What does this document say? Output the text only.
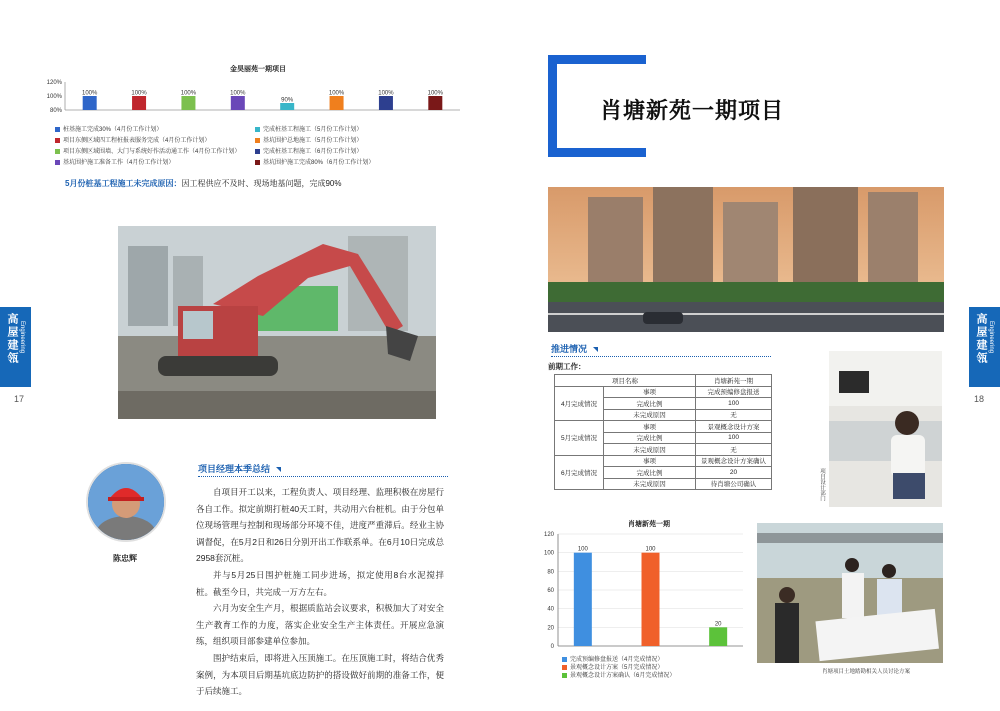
金昊丽苑一期项目
120%
100%
80%
100%	100%	100%	100%
90%
100%	100%	100%
桩基施工完成30%（4月份工作计划）
项目东侧区域四工程桩报表服务完成（4月份工作计划）
项目东侧区域围墙、大门与系统好作活动通工作（4月份工作计划）
基坑围护施工准备工作（4月份工作计划）
完成桩基工程施工（5月份工作计划）
基坑围护总地施工（5月份工作计划）
完成桩基工程施工（6月份工作计划）
基坑围护施工完成80%（6月份工作计划）
5月份桩基工程施工未完成原因：因工程供应不及时、现场地基问题，完成90%
陈忠辉
项目经理本季总结

自项目开工以来，工程负责人、项目经理、监理积极在房屋行各自工作。拟定前期打桩40天工时，共动用六台桩机。由于分包单位现场管理与控制和现场部分环境不佳，进度严重滞后。经业主协调督促，在5月2日和26日分别开出工作联系单。在6月10日完成总2958套沉桩。

并与5月25日围护桩施工同步进场，拟定使用8台水泥搅拌桩。截至今日，共完成一万方左右。

六月为安全生产月，根据质监站会议要求，积极加大了对安全生产教育工作的力度，落实企业安全生产主体责任。开展应急演练，组织项目部参建单位参加。

围护结束后，即将进入压顶施工。在压顶施工时，将结合优秀案例，为本项目后期基坑底边防护的搭设做好前期的准备工作，便于后续施工。

高屋建瓴 Engineering
17
肖塘新苑一期项目
推进情况
前期工作：
项目名称		肖塘新苑一期
4月完成情况	事项	完成预编修盘报送
	完成比例	100
	未完成原因	无
5月完成情况	事项	景观概念设计方案
	完成比例	100
	未完成原因	无
6月完成情况	事项	景观概念设计方案确认
	完成比例	20
	未完成原因	待肖塘公司确认	项目设计部门
肖塘新苑一期
120
100
80
60
40
20
0
100	100
20
完成预编修盘报送（4月完成情况）
景观概念设计方案（5月完成情况）
景观概念设计方案确认（6月完成情况）
肖塘项目土地踏勘相关人员讨论方案
高屋建瓴 Engineering
18
